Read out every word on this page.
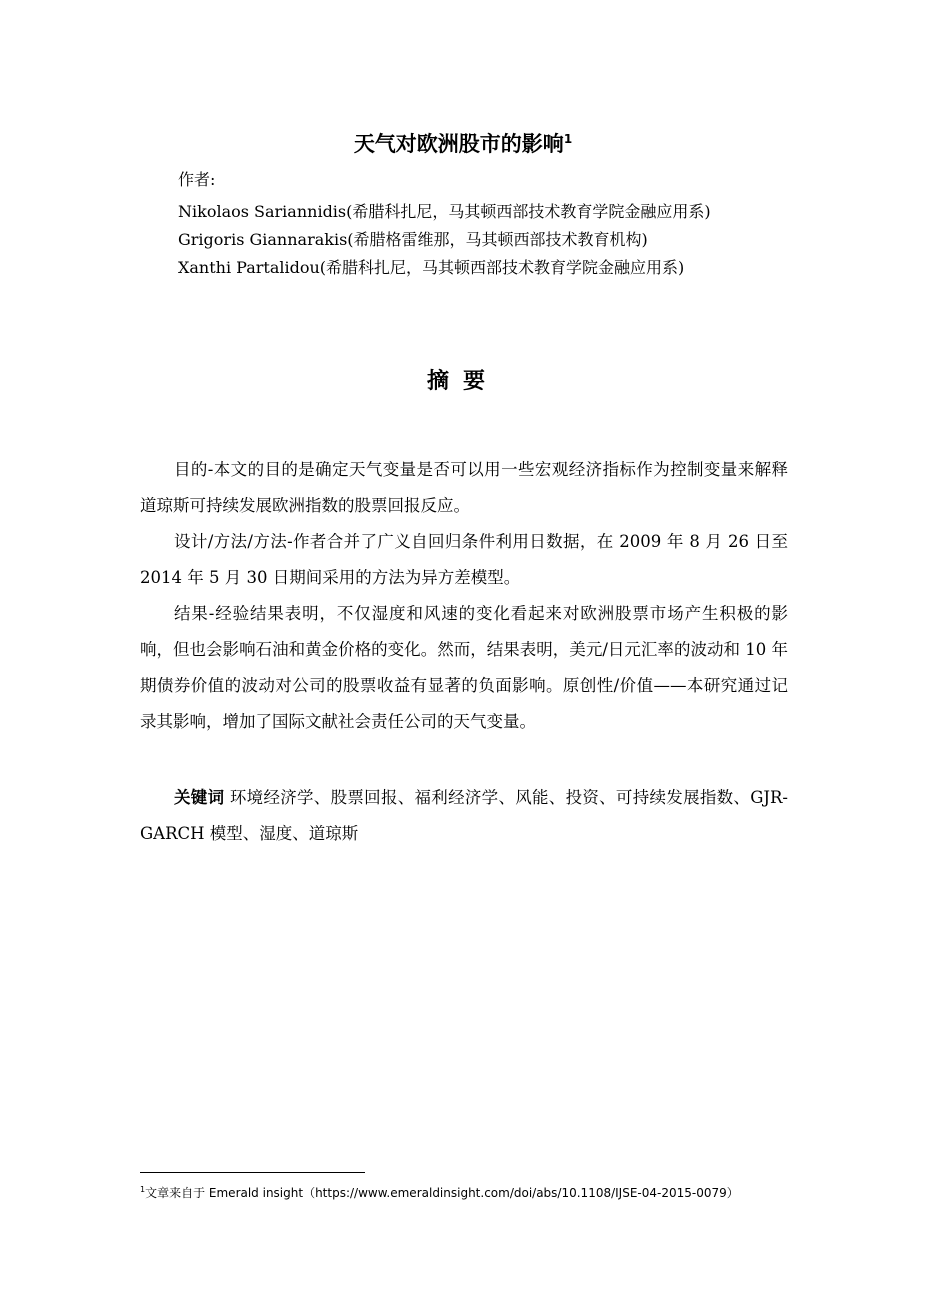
天气对欧洲股市的影响$^1$
作者:
Nikolaos Sariannidis(希腊科扎尼，马其顿西部技术教育学院金融应用系)
Grigoris Giannarakis(希腊格雷维那，马其顿西部技术教育机构)
Xanthi Partalidou(希腊科扎尼，马其顿西部技术教育学院金融应用系)
摘要

目的-本文的目的是确定天气变量是否可以用一些宏观经济指标作为控制变量来解释道琼斯可持续发展欧洲指数的股票回报反应。

设计/方法/方法-作者合并了广义自回归条件利用日数据，在 2009 年 8 月 26 日至 2014 年 5 月 30 日期间采用的方法为异方差模型。

结果-经验结果表明，不仅湿度和风速的变化看起来对欧洲股票市场产生积极的影响，但也会影响石油和黄金价格的变化。然而，结果表明，美元/日元汇率的波动和 10 年期债券价值的波动对公司的股票收益有显著的负面影响。原创性/价值——本研究通过记录其影响，增加了国际文献社会责任公司的天气变量。

关键词 环境经济学、股票回报、福利经济学、风能、投资、可持续发展指数、GJR-GARCH 模型、湿度、道琼斯

$^1$文章来自于 Emerald insight（https://www.emeraldinsight.com/doi/abs/10.1108/IJSE-04-2015-0079）
